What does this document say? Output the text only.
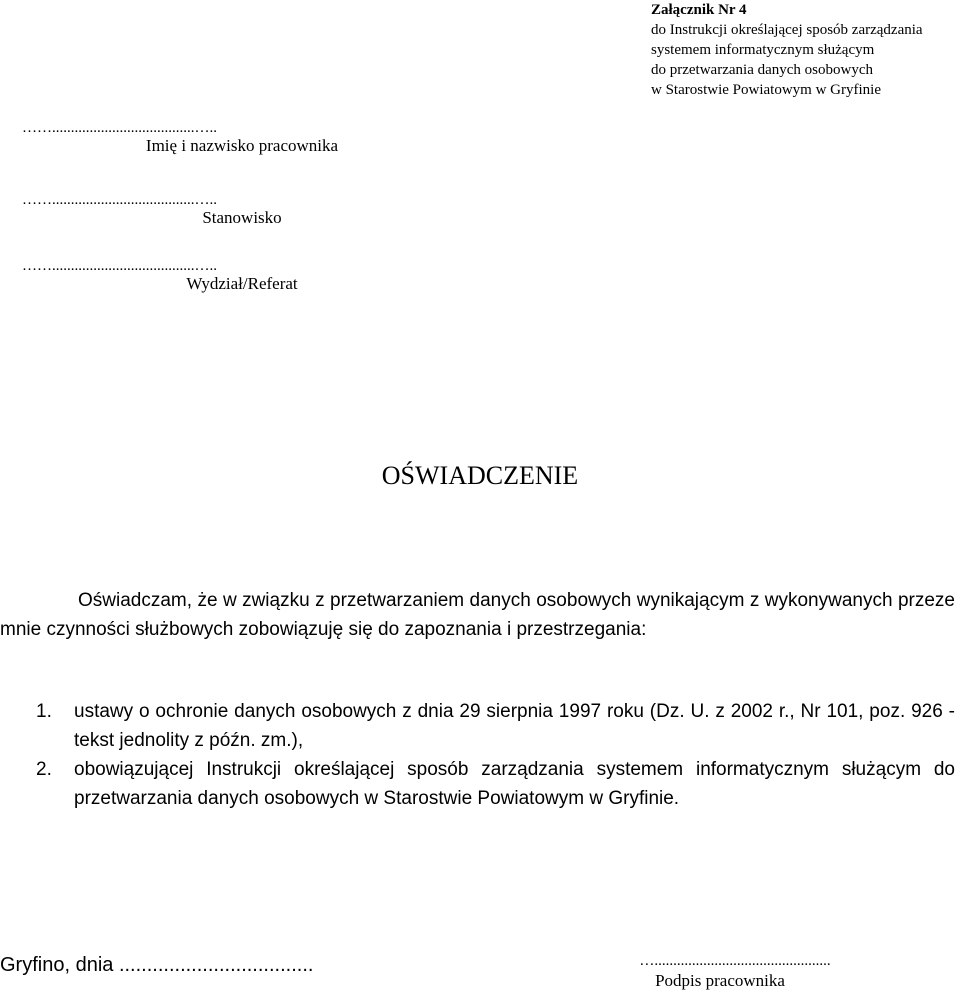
Załącznik Nr 4
do Instrukcji określającej sposób zarządzania
systemem informatycznym służącym
do przetwarzania danych osobowych
w Starostwie Powiatowym w Gryfinie
……......................................…..
Imię i nazwisko pracownika
……......................................…..
Stanowisko
……......................................…..
Wydział/Referat
OŚWIADCZENIE
Oświadczam, że w związku z przetwarzaniem danych osobowych wynikającym z wykonywanych przeze mnie czynności służbowych zobowiązuję się do zapoznania i przestrzegania:
1. ustawy o ochronie danych osobowych z dnia 29 sierpnia 1997 roku (Dz. U. z 2002 r., Nr 101, poz. 926 - tekst jednolity z późn. zm.),
2. obowiązującej Instrukcji określającej sposób zarządzania systemem informatycznym służącym do przetwarzania danych osobowych w Starostwie Powiatowym w Gryfinie.
Gryfino, dnia ...................................	…...............................................
Podpis pracownika
